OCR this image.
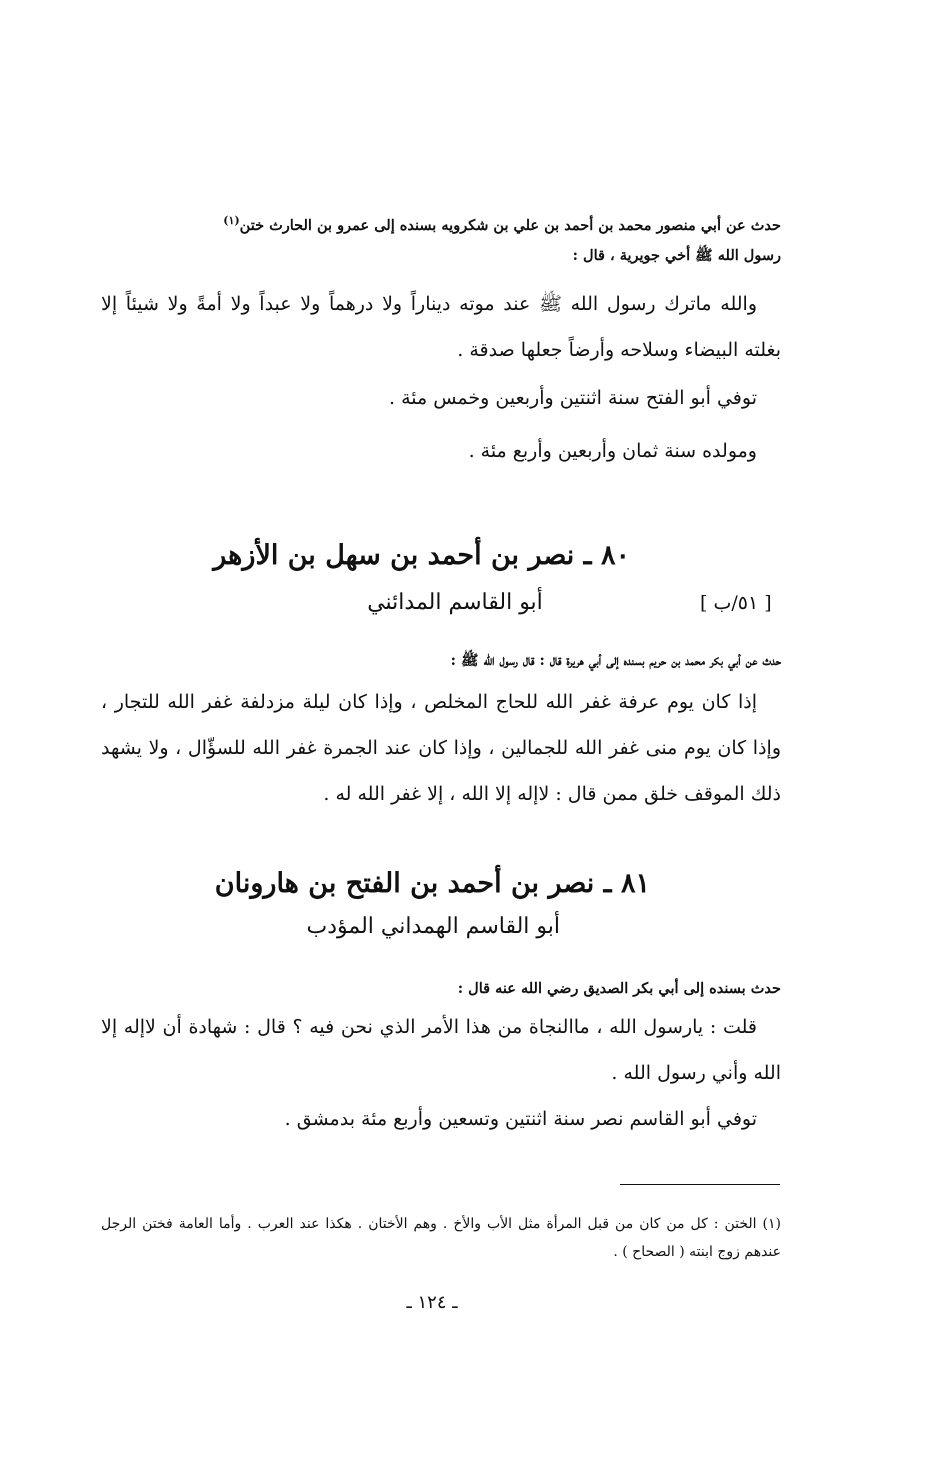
حدث عن أبي منصور محمد بن أحمد بن علي بن شكرويه بسنده إلى عمرو بن الحارث ختن$^{(١)}$

رسول الله ﷺ أخي جويرية ، قال :

والله ماترك رسول الله ﷺ عند موته ديناراً ولا درهماً ولا عبداً ولا أمةً ولا شيئاً إلا بغلته البيضاء وسلاحه وأرضاً جعلها صدقة .

توفي أبو الفتح سنة اثنتين وأربعين وخمس مئة .

ومولده سنة ثمان وأربعين وأربع مئة .

٨٠ ـ نصر بن أحمد بن سهل بن الأزهر
أبو القاسم المدائني	[ ٥١/ب ]

حدث عن أبي بكر محمد بن حريم بسنده إلى أبي هريرة قال : قال رسول الله ﷺ :

إذا كان يوم عرفة غفر الله للحاج المخلص ، وإذا كان ليلة مزدلفة غفر الله للتجار ، وإذا كان يوم منى غفر الله للجمالين ، وإذا كان عند الجمرة غفر الله للسؤّال ، ولا يشهد ذلك الموقف خلق ممن قال : لاإله إلا الله ، إلا غفر الله له .

٨١ ـ نصر بن أحمد بن الفتح بن هارونان
أبو القاسم الهمداني المؤدب

حدث بسنده إلى أبي بكر الصديق رضي الله عنه قال :

قلت : يارسول الله ، ماالنجاة من هذا الأمر الذي نحن فيه ؟ قال : شهادة أن لاإله إلا الله وأني رسول الله .

توفي أبو القاسم نصر سنة اثنتين وتسعين وأربع مئة بدمشق .

(١) الختن : كل من كان من قبل المرأة مثل الأب والأخ . وهم الأختان . هكذا عند العرب . وأما العامة فختن الرجل عندهم زوج ابنته ( الصحاح ) .

ـ ١٢٤ ـ
